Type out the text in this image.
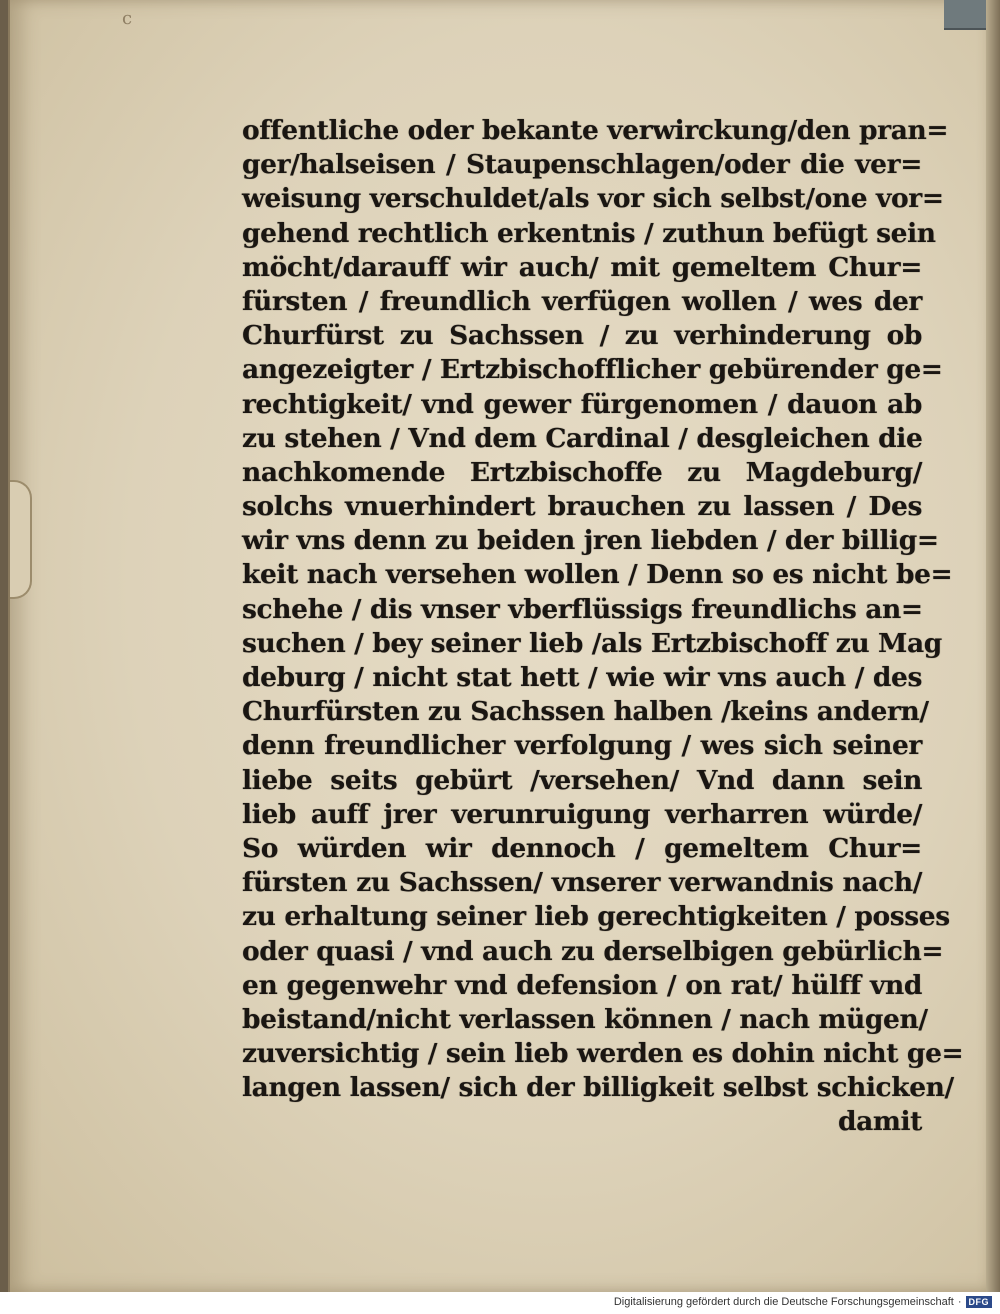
c
offentliche oder bekante verwirckung/den pran=
ger/halseisen / Staupenschlagen/oder die ver=
weisung verschuldet/als vor sich selbst/one vor=
gehend rechtlich erkentnis / zuthun befügt sein
möcht/darauff wir auch/ mit gemeltem Chur=
fürsten / freundlich verfügen wollen / wes der
Churfürst zu Sachssen / zu verhinderung ob
angezeigter / Ertzbischofflicher gebürender ge=
rechtigkeit/ vnd gewer fürgenomen / dauon ab
zu stehen / Vnd dem Cardinal / desgleichen die
nachkomende Ertzbischoffe zu Magdeburg/
solchs vnuerhindert brauchen zu lassen / Des
wir vns denn zu beiden jren liebden / der billig=
keit nach versehen wollen / Denn so es nicht be=
schehe / dis vnser vberflüssigs freundlichs an=
suchen / bey seiner lieb /als Ertzbischoff zu Mag
deburg / nicht stat hett / wie wir vns auch / des
Churfürsten zu Sachssen halben /keins andern/
denn freundlicher verfolgung / wes sich seiner
liebe seits gebürt /versehen/ Vnd dann sein
lieb auff jrer verunruigung verharren würde/
So würden wir dennoch / gemeltem Chur=
fürsten zu Sachssen/ vnserer verwandnis nach/
zu erhaltung seiner lieb gerechtigkeiten / posses
oder quasi / vnd auch zu derselbigen gebürlich=
en gegenwehr vnd defension / on rat/ hülff vnd
beistand/nicht verlassen können / nach mügen/
zuversichtig / sein lieb werden es dohin nicht ge=
langen lassen/ sich der billigkeit selbst schicken/
damit
Digitalisierung gefördert durch die Deutsche Forschungsgemeinschaft · DFG
